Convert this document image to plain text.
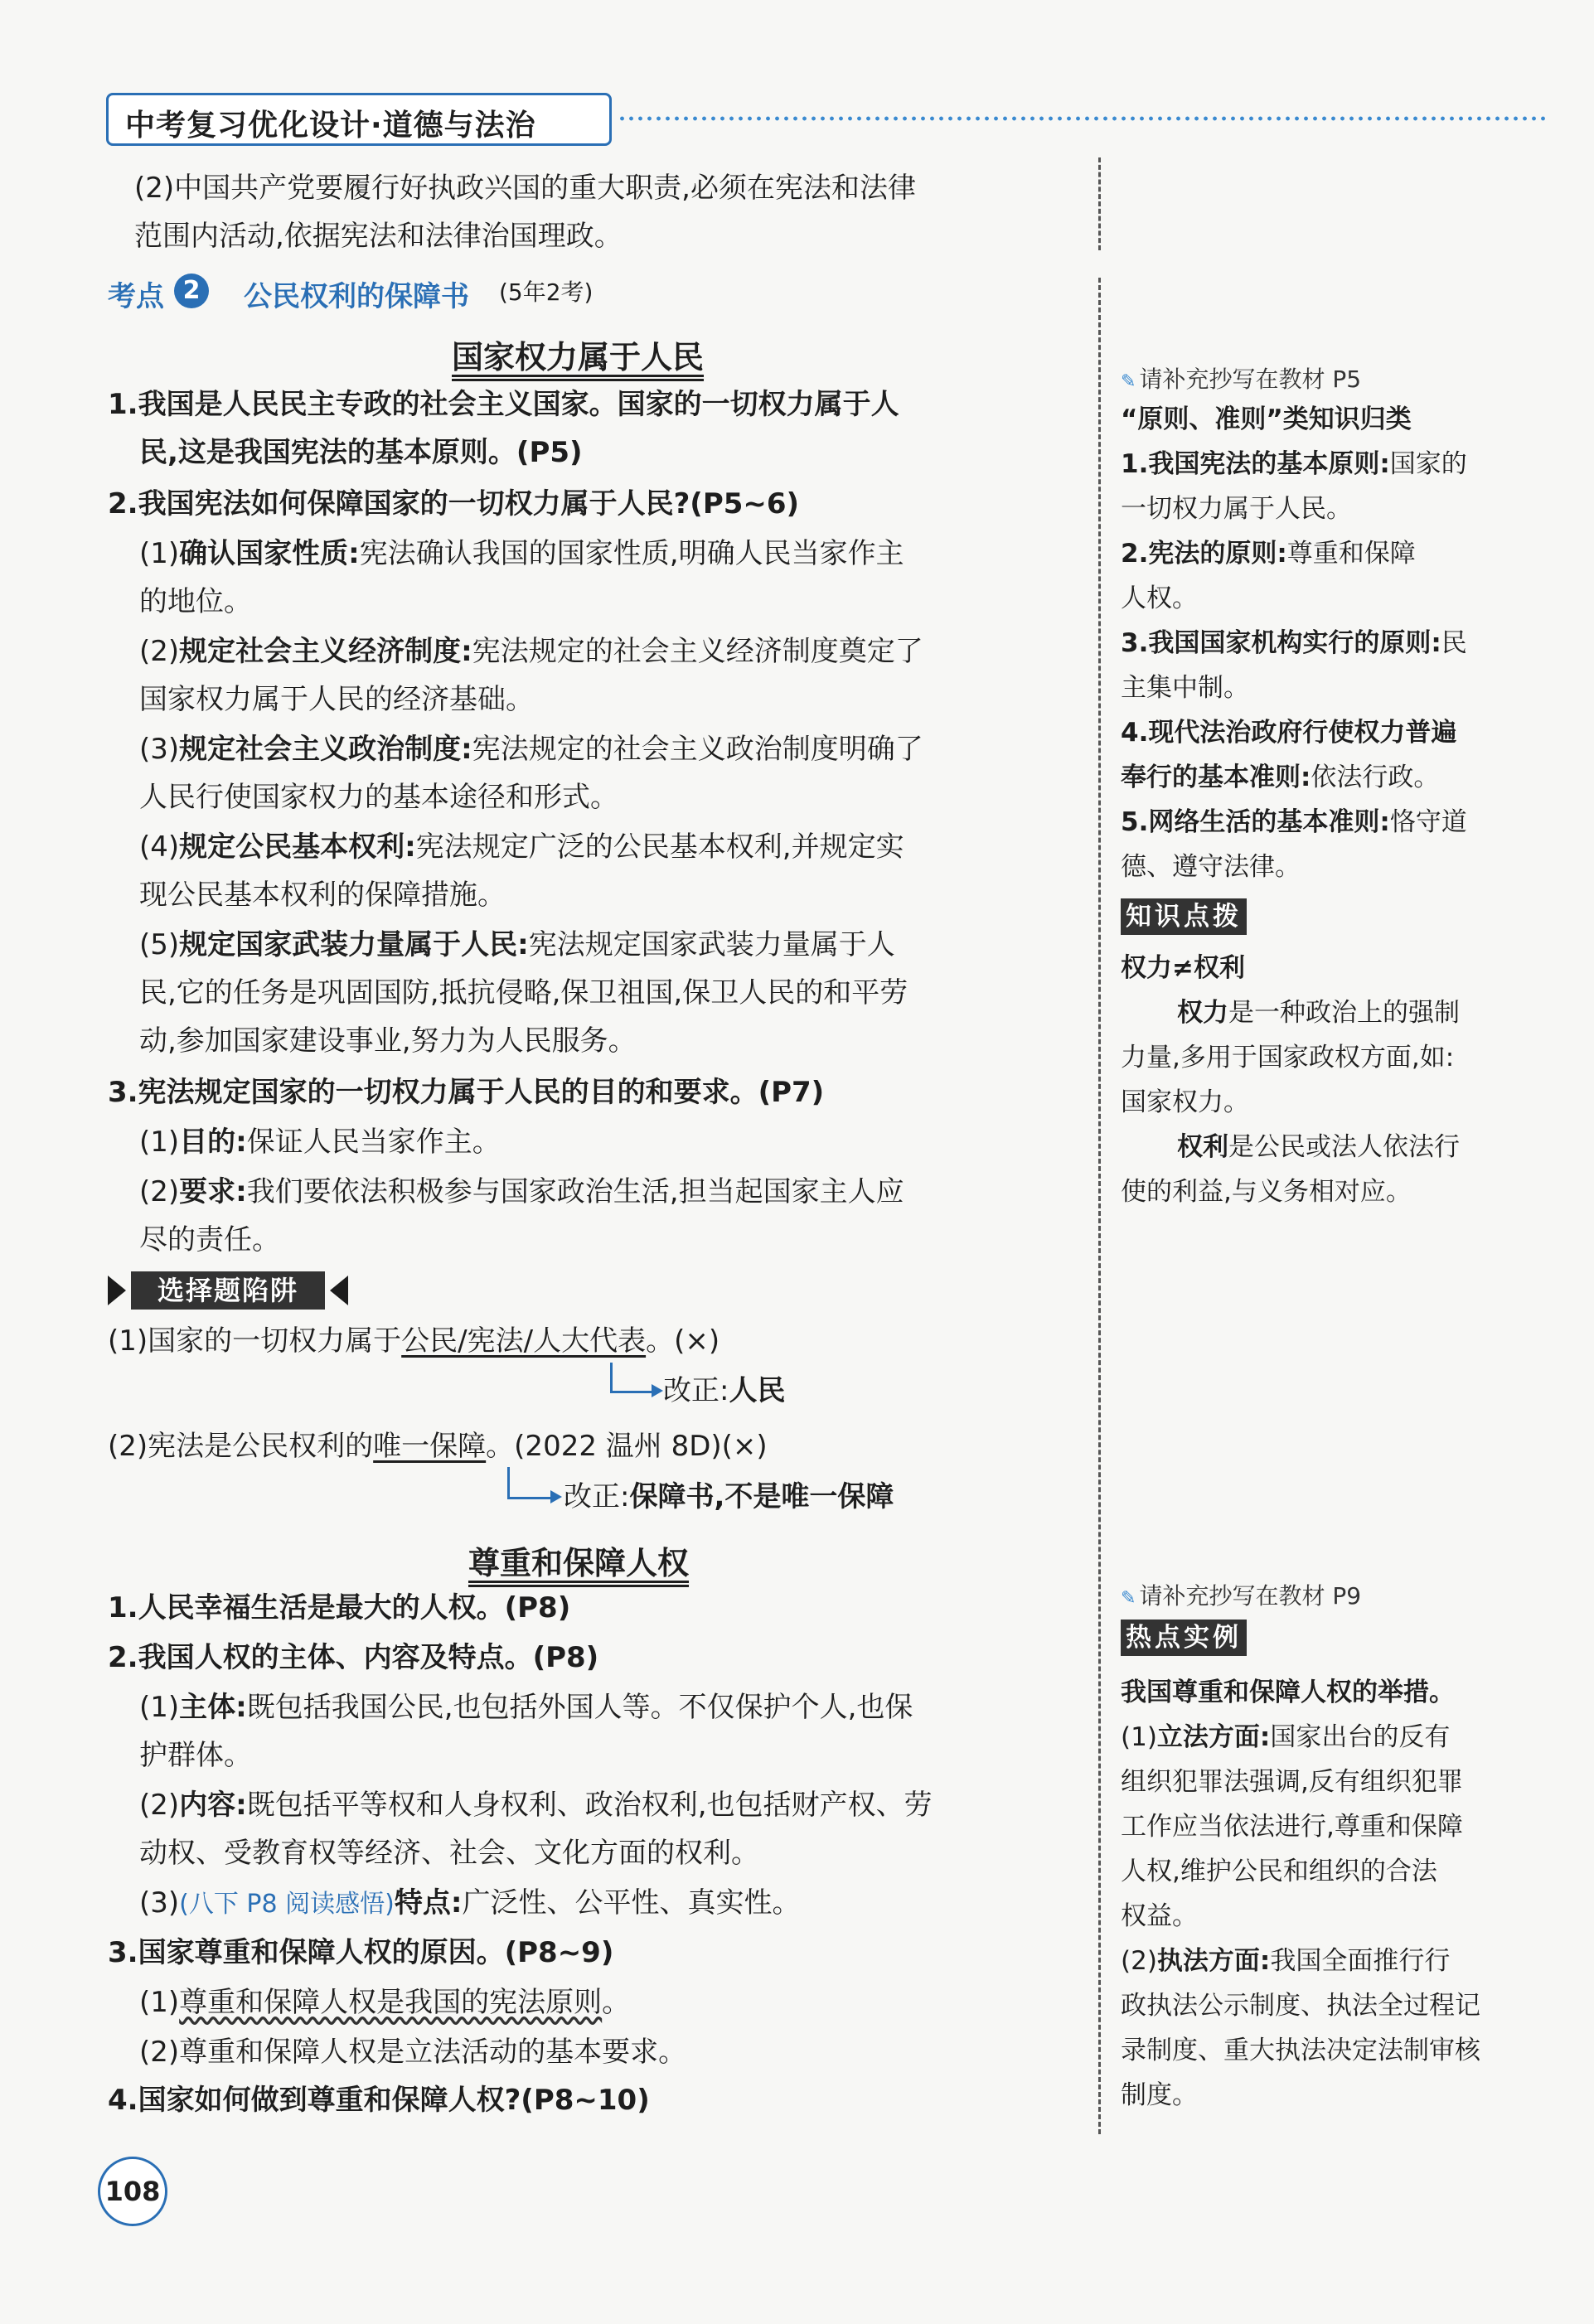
中考复习优化设计·道德与法治
(2)中国共产党要履行好执政兴国的重大职责,必须在宪法和法律
范围内活动,依据宪法和法律治国理政。
考点 2	公民权利的保障书 (5年2考)
国家权力属于人民
1.我国是人民民主专政的社会主义国家。国家的一切权力属于人
民,这是我国宪法的基本原则。(P5)
2.我国宪法如何保障国家的一切权力属于人民?(P5~6)
(1)确认国家性质:宪法确认我国的国家性质,明确人民当家作主
的地位。
(2)规定社会主义经济制度:宪法规定的社会主义经济制度奠定了
国家权力属于人民的经济基础。
(3)规定社会主义政治制度:宪法规定的社会主义政治制度明确了
人民行使国家权力的基本途径和形式。
(4)规定公民基本权利:宪法规定广泛的公民基本权利,并规定实
现公民基本权利的保障措施。
(5)规定国家武装力量属于人民:宪法规定国家武装力量属于人
民,它的任务是巩固国防,抵抗侵略,保卫祖国,保卫人民的和平劳
动,参加国家建设事业,努力为人民服务。
3.宪法规定国家的一切权力属于人民的目的和要求。(P7)
(1)目的:保证人民当家作主。
(2)要求:我们要依法积极参与国家政治生活,担当起国家主人应
尽的责任。
选择题陷阱
(1)国家的一切权力属于公民/宪法/人大代表。(×)
改正:人民
(2)宪法是公民权利的唯一保障。(2022 温州 8D)(×)
改正:保障书,不是唯一保障
尊重和保障人权
1.人民幸福生活是最大的人权。(P8)
2.我国人权的主体、内容及特点。(P8)
(1)主体:既包括我国公民,也包括外国人等。不仅保护个人,也保
护群体。
(2)内容:既包括平等权和人身权利、政治权利,也包括财产权、劳
动权、受教育权等经济、社会、文化方面的权利。
(3)(八下 P8 阅读感悟)特点:广泛性、公平性、真实性。
3.国家尊重和保障人权的原因。(P8~9)
(1)尊重和保障人权是我国的宪法原则。
(2)尊重和保障人权是立法活动的基本要求。
4.国家如何做到尊重和保障人权?(P8~10)
✎ 请补充抄写在教材 P5
“原则、准则”类知识归类
1.我国宪法的基本原则:国家的
一切权力属于人民。
2.宪法的原则:尊重和保障
人权。
3.我国国家机构实行的原则:民
主集中制。
4.现代法治政府行使权力普遍
奉行的基本准则:依法行政。
5.网络生活的基本准则:恪守道
德、遵守法律。
知识点拨
权力≠权利
权力是一种政治上的强制
力量,多用于国家政权方面,如:
国家权力。
权利是公民或法人依法行
使的利益,与义务相对应。
✎ 请补充抄写在教材 P9
热点实例
我国尊重和保障人权的举措。
(1)立法方面:国家出台的反有
组织犯罪法强调,反有组织犯罪
工作应当依法进行,尊重和保障
人权,维护公民和组织的合法
权益。
(2)执法方面:我国全面推行行
政执法公示制度、执法全过程记
录制度、重大执法决定法制审核
制度。
108
